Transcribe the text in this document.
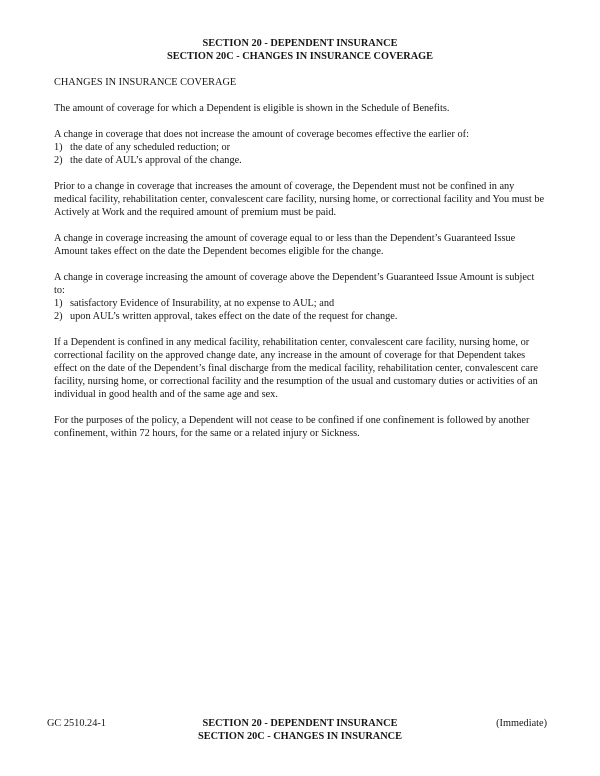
SECTION 20 - DEPENDENT INSURANCE
SECTION 20C - CHANGES IN INSURANCE COVERAGE

CHANGES IN INSURANCE COVERAGE

The amount of coverage for which a Dependent is eligible is shown in the Schedule of Benefits.

A change in coverage that does not increase the amount of coverage becomes effective the earlier of:

1) the date of any scheduled reduction; or
2) the date of AUL’s approval of the change.

Prior to a change in coverage that increases the amount of coverage, the Dependent must not be confined in any medical facility, rehabilitation center, convalescent care facility, nursing home, or correctional facility and You must be Actively at Work and the required amount of premium must be paid.

A change in coverage increasing the amount of coverage equal to or less than the Dependent’s Guaranteed Issue Amount takes effect on the date the Dependent becomes eligible for the change.

A change in coverage increasing the amount of coverage above the Dependent’s Guaranteed Issue Amount is subject to:

1) satisfactory Evidence of Insurability, at no expense to AUL; and
2) upon AUL’s written approval, takes effect on the date of the request for change.

If a Dependent is confined in any medical facility, rehabilitation center, convalescent care facility, nursing home, or correctional facility on the approved change date, any increase in the amount of coverage for that Dependent takes effect on the date of the Dependent’s final discharge from the medical facility, rehabilitation center, convalescent care facility, nursing home, or correctional facility and the resumption of the usual and customary duties or activities of an individual in good health and of the same age and sex.

For the purposes of the policy, a Dependent will not cease to be confined if one confinement is followed by another confinement, within 72 hours, for the same or a related injury or Sickness.

GC 2510.24-1	SECTION 20 - DEPENDENT INSURANCE
SECTION 20C - CHANGES IN INSURANCE
(Immediate)
